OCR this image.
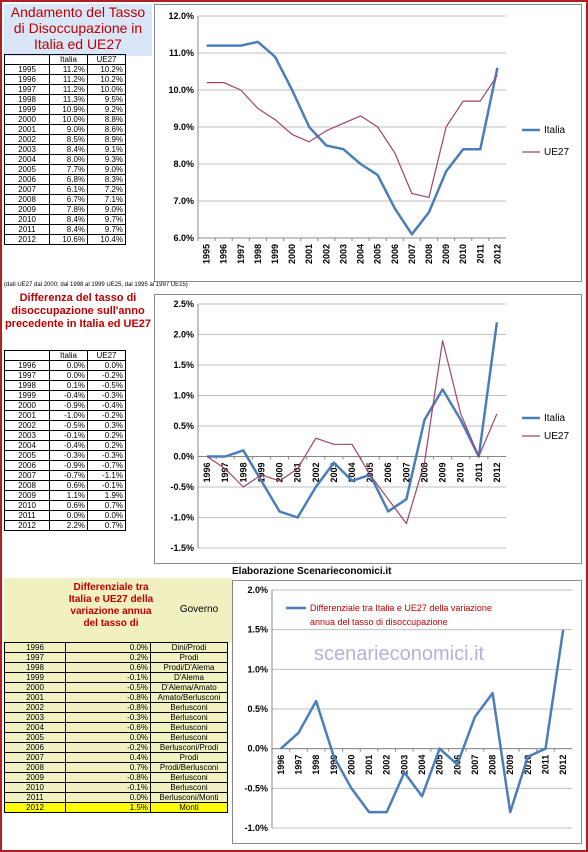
Andamento del Tasso di Disoccupazione in Italia ed UE27
	Italia	UE27
1995	11.2%	10.2%
1996	11.2%	10.2%
1997	11.2%	10.0%
1998	11.3%	9.5%
1999	10.9%	9.2%
2000	10.0%	8.8%
2001	9.0%	8.6%
2002	8.5%	8.9%
2003	8.4%	9.1%
2004	8.0%	9.3%
2005	7.7%	9.0%
2006	6.8%	8.3%
2007	6.1%	7.2%
2008	6.7%	7.1%
2009	7.8%	9.0%
2010	8.4%	9.7%
2011	8.4%	9.7%
2012	10.6%	10.4%
(dati UE27 dal 2000; dal 1998 al 1999 UE25, dal 1995 al 1997 UE15)
6.0%
7.0%
8.0%
9.0%
10.0%
11.0%
12.0%
1995 1996 1997 1998 1999 2000 2001 2002 2003 2004 2005 2006 2007 2008 2009 2010 2011 2012
Italia
UE27
Differenza del tasso di disoccupazione sull'anno precedente in Italia ed UE27
	Italia	UE27
1996	0.0%	0.0%
1997	0.0%	-0.2%
1998	0.1%	-0.5%
1999	-0.4%	-0.3%
2000	-0.9%	-0.4%
2001	-1.0%	-0.2%
2002	-0.5%	0.3%
2003	-0.1%	0.2%
2004	-0.4%	0.2%
2005	-0.3%	-0.3%
2006	-0.9%	-0.7%
2007	-0.7%	-1.1%
2008	0.6%	-0.1%
2009	1.1%	1.9%
2010	0.6%	0.7%
2011	0.0%	0.0%
2012	2.2%	0.7%
-1.5%
-1.0%
-0.5%
0.0%
0.5%
1.0%
1.5%
2.0%
2.5%
1996 1997 1998 1999 2000 2001 2002 2003 2004 2005 2006 2007 2008 2009 2010 2011 2012
Italia
UE27
Elaborazione Scenarieconomici.it
Differenziale tra Italia e UE27 della variazione annua del tasso di
Governo
1996	0.0%	Dini/Prodi
1997	0.2%	Prodi
1998	0.6%	Prodi/D'Alema
1999	-0.1%	D'Alema
2000	-0.5%	D'Alema/Amato
2001	-0.8%	Amato/Berlusconi
2002	-0.8%	Berlusconi
2003	-0.3%	Berlusconi
2004	-0.6%	Berlusconi
2005	0.0%	Berlusconi
2006	-0.2%	Berlusconi/Prodi
2007	0.4%	Prodi
2008	0.7%	Prodi/Berlusconi
2009	-0.8%	Berlusconi
2010	-0.1%	Berlusconi
2011	0.0%	Berlusconi/Monti
2012	1.5%	Monti
-1.0%
-0.5%
0.0%
0.5%
1.0%
1.5%
2.0%
1996 1997 1998 1999 2000 2001 2002 2003 2004 2005 2006 2007 2008 2009 2010 2011 2012
Differenziale tra Italia e UE27 della variazione
annua del tasso di disoccupazione
scenarieconomici.it
